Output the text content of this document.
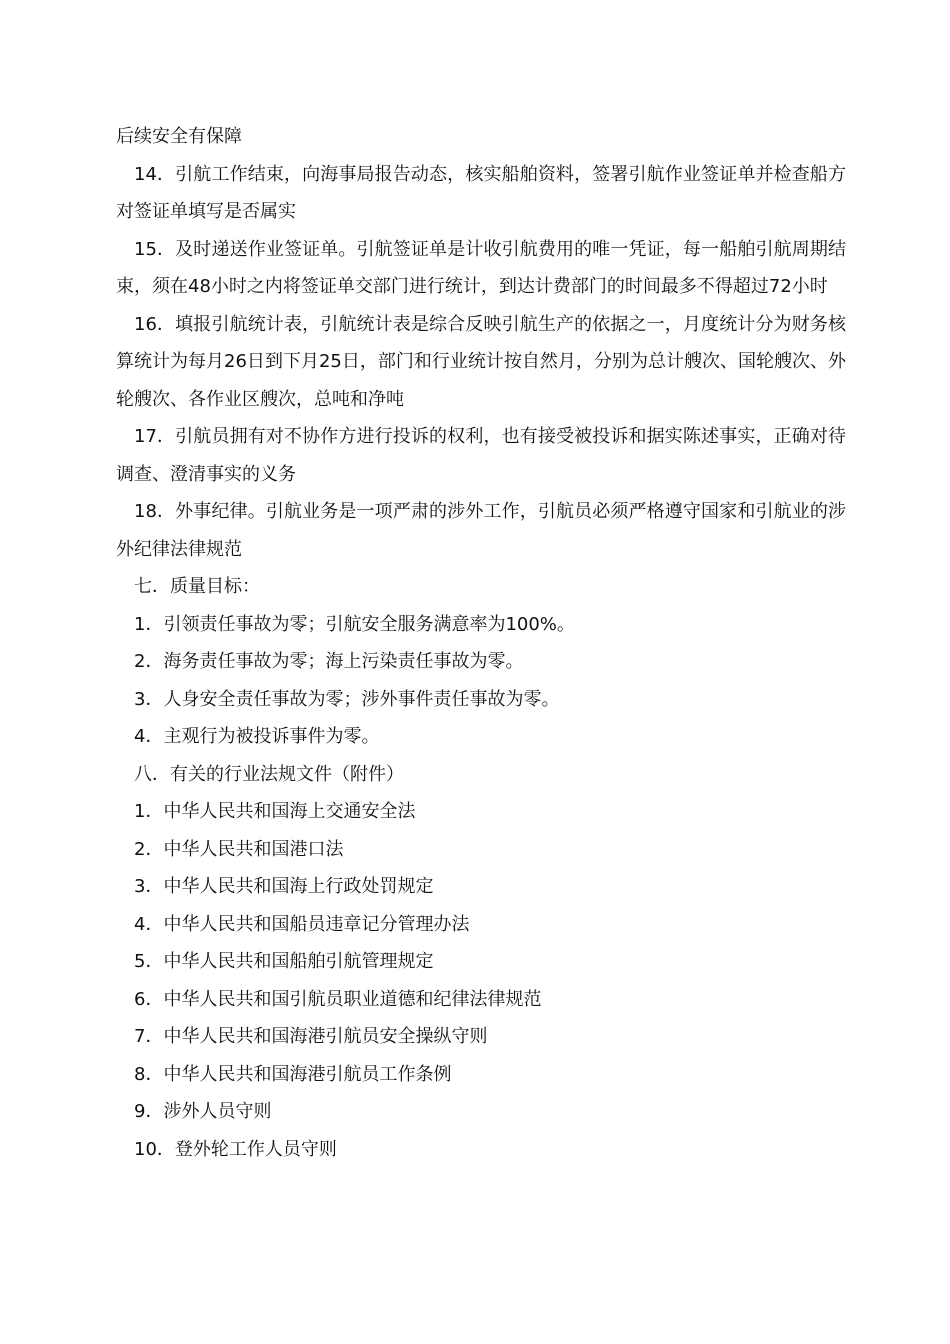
后续安全有保障

14．引航工作结束，向海事局报告动态，核实船舶资料，签署引航作业签证单并检查船方对签证单填写是否属实

15．及时递送作业签证单。引航签证单是计收引航费用的唯一凭证，每一船舶引航周期结束，须在48小时之内将签证单交部门进行统计，到达计费部门的时间最多不得超过72小时

16．填报引航统计表，引航统计表是综合反映引航生产的依据之一，月度统计分为财务核算统计为每月26日到下月25日，部门和行业统计按自然月，分别为总计艘次、国轮艘次、外轮艘次、各作业区艘次，总吨和净吨

17．引航员拥有对不协作方进行投诉的权利，也有接受被投诉和据实陈述事实，正确对待调查、澄清事实的义务

18．外事纪律。引航业务是一项严肃的涉外工作，引航员必须严格遵守国家和引航业的涉外纪律法律规范

七．质量目标：

1．引领责任事故为零；引航安全服务满意率为100%。

2．海务责任事故为零；海上污染责任事故为零。

3．人身安全责任事故为零；涉外事件责任事故为零。

4．主观行为被投诉事件为零。

八．有关的行业法规文件（附件）

1．中华人民共和国海上交通安全法

2．中华人民共和国港口法

3．中华人民共和国海上行政处罚规定

4．中华人民共和国船员违章记分管理办法

5．中华人民共和国船舶引航管理规定

6．中华人民共和国引航员职业道德和纪律法律规范

7．中华人民共和国海港引航员安全操纵守则

8．中华人民共和国海港引航员工作条例

9．涉外人员守则

10．登外轮工作人员守则
